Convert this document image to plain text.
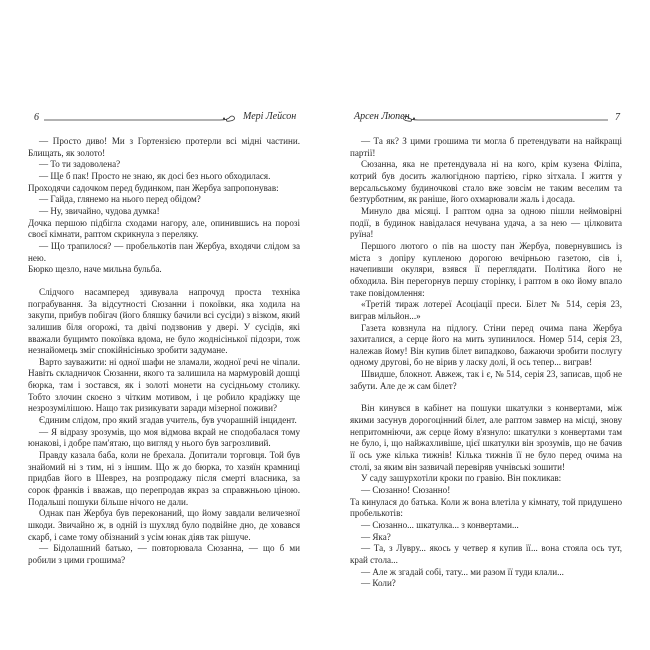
6	Мері Лейсон

— Просто диво! Ми з Гортензією протерли всі мідні частини. Блищать, як золото!

— То ти задоволена?

— Ще б пак! Просто не знаю, як досі без нього обходилася.

Проходячи садочком перед будинком, пан Жербуа запропонував:

— Гайда, глянемо на нього перед обідом?

— Ну, звичайно, чудова думка!

Дочка першою підбігла сходами нагору, але, опинившись на порозі своєї кімнати, раптом скрикнула з переляку.

— Що трапилося? — пробелькотів пан Жербуа, входячи слідом за нею.

Бюрко щезло, наче мильна бульба.

Слідчого насамперед здивувала напрочуд проста техніка пограбування. За відсутності Сюзанни і покоївки, яка ходила на закупи, прибув побігач (його бляшку бачили всі сусіди) з візком, який залишив біля огорожі, та двічі подзвонив у двері. У сусідів, які вважали бущимто покоївка вдома, не було жоднісінької підозри, тож незнайомець зміг спокійнісінько зробити задумане.

Варто зауважити: ні одної шафи не зламали, жодної речі не чіпали. Навіть складничок Сюзанни, якого та залишила на мармуровій дошці бюрка, там і зостався, як і золоті монети на сусідньому столику. Тобто злочин скоєно з чітким мотивом, і це робило крадіжку ще незрозумілішою. Нащо так ризикувати заради мізерної поживи?

Єдиним слідом, про який згадав учитель, був учорашній інцидент.

— Я відразу зрозумів, що моя відмова вкрай не сподобалася тому юнакові, і добре пам'ятаю, що вигляд у нього був загрозливий.

Правду казала баба, коли не брехала. Допитали торговця. Той був знайомий ні з тим, ні з іншим. Що ж до бюрка, то хазяїн крамниці придбав його в Шеврез, на розпродажу після смерті власника, за сорок франків і вважав, що перепродав якраз за справжньою ціною. Подальші пошуки більше нічого не дали.

Однак пан Жербуа був переконаний, що йому завдали величезної шкоди. Звичайно ж, в одній із шухляд було подвійне дно, де ховався скарб, і саме тому обізнаний з усім юнак діяв так рішуче.

— Бідолашний батько, — повторювала Сюзанна, — що б ми робили з цими грошима?

Арсен Люпен	7

— Та як? З цими грошима ти могла б претендувати на найкращі партії!

Сюзанна, яка не претендувала ні на кого, крім кузена Філіпа, котрий був досить жалюгідною партією, гірко зітхала. І життя у версальському будиночкові стало вже зовсім не таким веселим та безтурботним, як раніше, його охмарювали жаль і досада.

Минуло два місяці. І раптом одна за одною пішли неймовірні події, в будинок навідалася нечувана удача, а за нею — цілковита руїна!

Першого лютого о пів на шосту пан Жербуа, повернувшись із міста з допіру купленою дорогою вечірньою газетою, сів і, начепивши окуляри, взявся її переглядати. Політика його не обходила. Він перегорнув першу сторінку, і раптом в око йому впало таке повідомлення:

«Третій тираж лотереї Асоціації преси. Білет № 514, серія 23, виграв мільйон...»

Газета ковзнула на підлогу. Стіни перед очима пана Жербуа захиталися, а серце його на мить зупинилося. Номер 514, серія 23, належав йому! Він купив білет випадково, бажаючи зробити послугу одному другові, бо не вірив у ласку долі, й ось тепер... виграв!

Швидше, блокнот. Авжеж, так і є, № 514, серія 23, записав, щоб не забути. Але де ж сам білет?

Він кинувся в кабінет на пошуки шкатулки з конвертами, між якими засунув дорогоцінний білет, але раптом завмер на місці, знову непритомніючи, аж серце йому в'язнуло: шкатулки з конвертами там не було, і, що найжахливіше, цієї шкатулки він зрозумів, що не бачив її ось уже кілька тижнів! Кілька тижнів її не було перед очима на столі, за яким він зазвичай перевіряв учнівські зошити!

У саду зашурхотіли кроки по гравію. Він покликав:

— Сюзанно! Сюзанно!

Та кинулася до батька. Коли ж вона влетіла у кімнату, той придушено пробелькотів:

— Сюзанно... шкатулка... з конвертами...

— Яка?

— Та, з Лувру... якось у четвер я купив її... вона стояла ось тут, край стола...

— Але ж згадай собі, тату... ми разом її туди клали...

— Коли?
